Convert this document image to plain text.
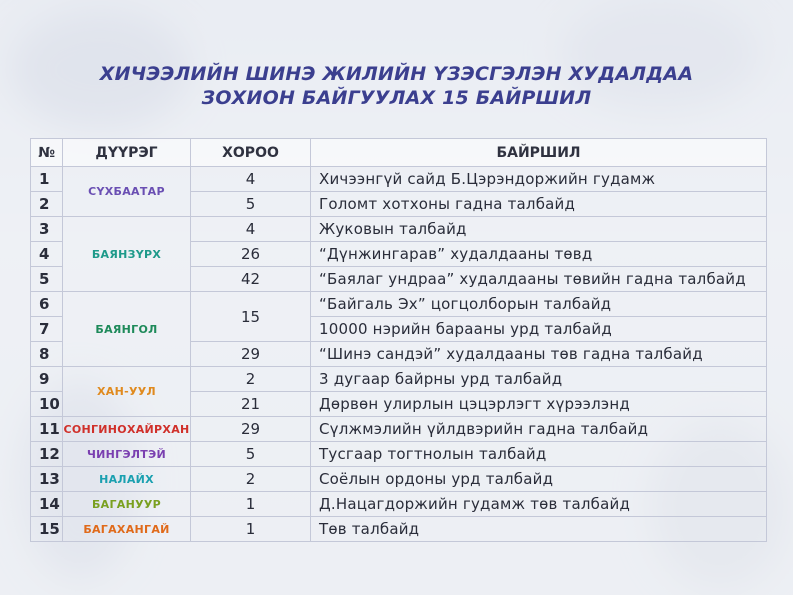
ХИЧЭЭЛИЙН ШИНЭ ЖИЛИЙН ҮЗЭСГЭЛЭН ХУДАЛДАА
ЗОХИОН БАЙГУУЛАХ 15 БАЙРШИЛ
№	ДҮҮРЭГ	ХОРОО	БАЙРШИЛ
1	СҮХБААТАР	4	Хичээнгүй сайд Б.Цэрэндоржийн гудамж
2		5	Голомт хотхоны гадна талбайд
3	БАЯНЗҮРХ	4	Жуковын талбайд
4		26	“Дүнжингарав” худалдааны төвд
5		42	“Баялаг ундраа” худалдааны төвийн гадна талбайд
6	БАЯНГОЛ	15	“Байгаль Эх” цогцолборын талбайд
7			10000 нэрийн барааны урд талбайд
8		29	“Шинэ сандэй” худалдааны төв гадна талбайд
9	ХАН-УУЛ	2	3 дугаар байрны урд талбайд
10		21	Дөрвөн улирлын цэцэрлэгт хүрээлэнд
11	СОНГИНОХАЙРХАН	29	Сүлжмэлийн үйлдвэрийн гадна талбайд
12	ЧИНГЭЛТЭЙ	5	Тусгаар тогтнолын талбайд
13	НАЛАЙХ	2	Соёлын ордоны урд талбайд
14	БАГАНУУР	1	Д.Нацагдоржийн гудамж төв талбайд
15	БАГАХАНГАЙ	1	Төв талбайд
